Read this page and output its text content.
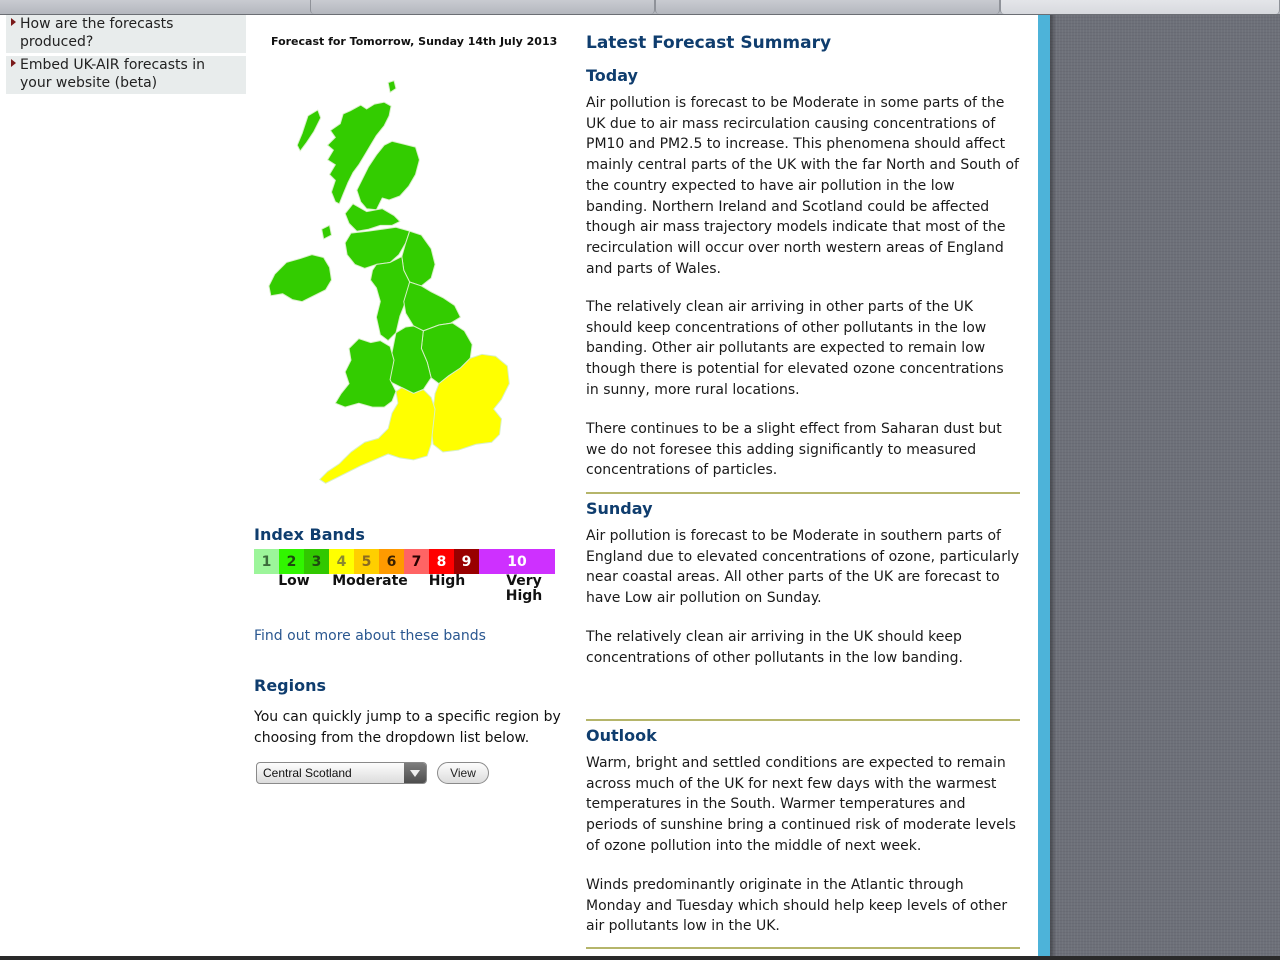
How are the forecasts produced?
Embed UK-AIR forecasts in your website (beta)
Forecast for Tomorrow, Sunday 14th July 2013
Index Bands
1	2	3	4	5	6	7	8	9	10
Low Moderate	High	Very High
Find out more about these bands
Regions
You can quickly jump to a specific region by choosing from the dropdown list below.
Central Scotland	View
Latest Forecast Summary
Today

Air pollution is forecast to be Moderate in some parts of the UK due to air mass recirculation causing concentrations of PM10 and PM2.5 to increase. This phenomena should affect mainly central parts of the UK with the far North and South of the country expected to have air pollution in the low banding. Northern Ireland and Scotland could be affected though air mass trajectory models indicate that most of the recirculation will occur over north western areas of England and parts of Wales.

The relatively clean air arriving in other parts of the UK should keep concentrations of other pollutants in the low banding. Other air pollutants are expected to remain low though there is potential for elevated ozone concentrations in sunny, more rural locations.

There continues to be a slight effect from Saharan dust but we do not foresee this adding significantly to measured concentrations of particles.

Sunday

Air pollution is forecast to be Moderate in southern parts of England due to elevated concentrations of ozone, particularly near coastal areas. All other parts of the UK are forecast to have Low air pollution on Sunday.

The relatively clean air arriving in the UK should keep concentrations of other pollutants in the low banding.

Outlook

Warm, bright and settled conditions are expected to remain across much of the UK for next few days with the warmest temperatures in the South. Warmer temperatures and periods of sunshine bring a continued risk of moderate levels of ozone pollution into the middle of next week.

Winds predominantly originate in the Atlantic through Monday and Tuesday which should help keep levels of other air pollutants low in the UK.
